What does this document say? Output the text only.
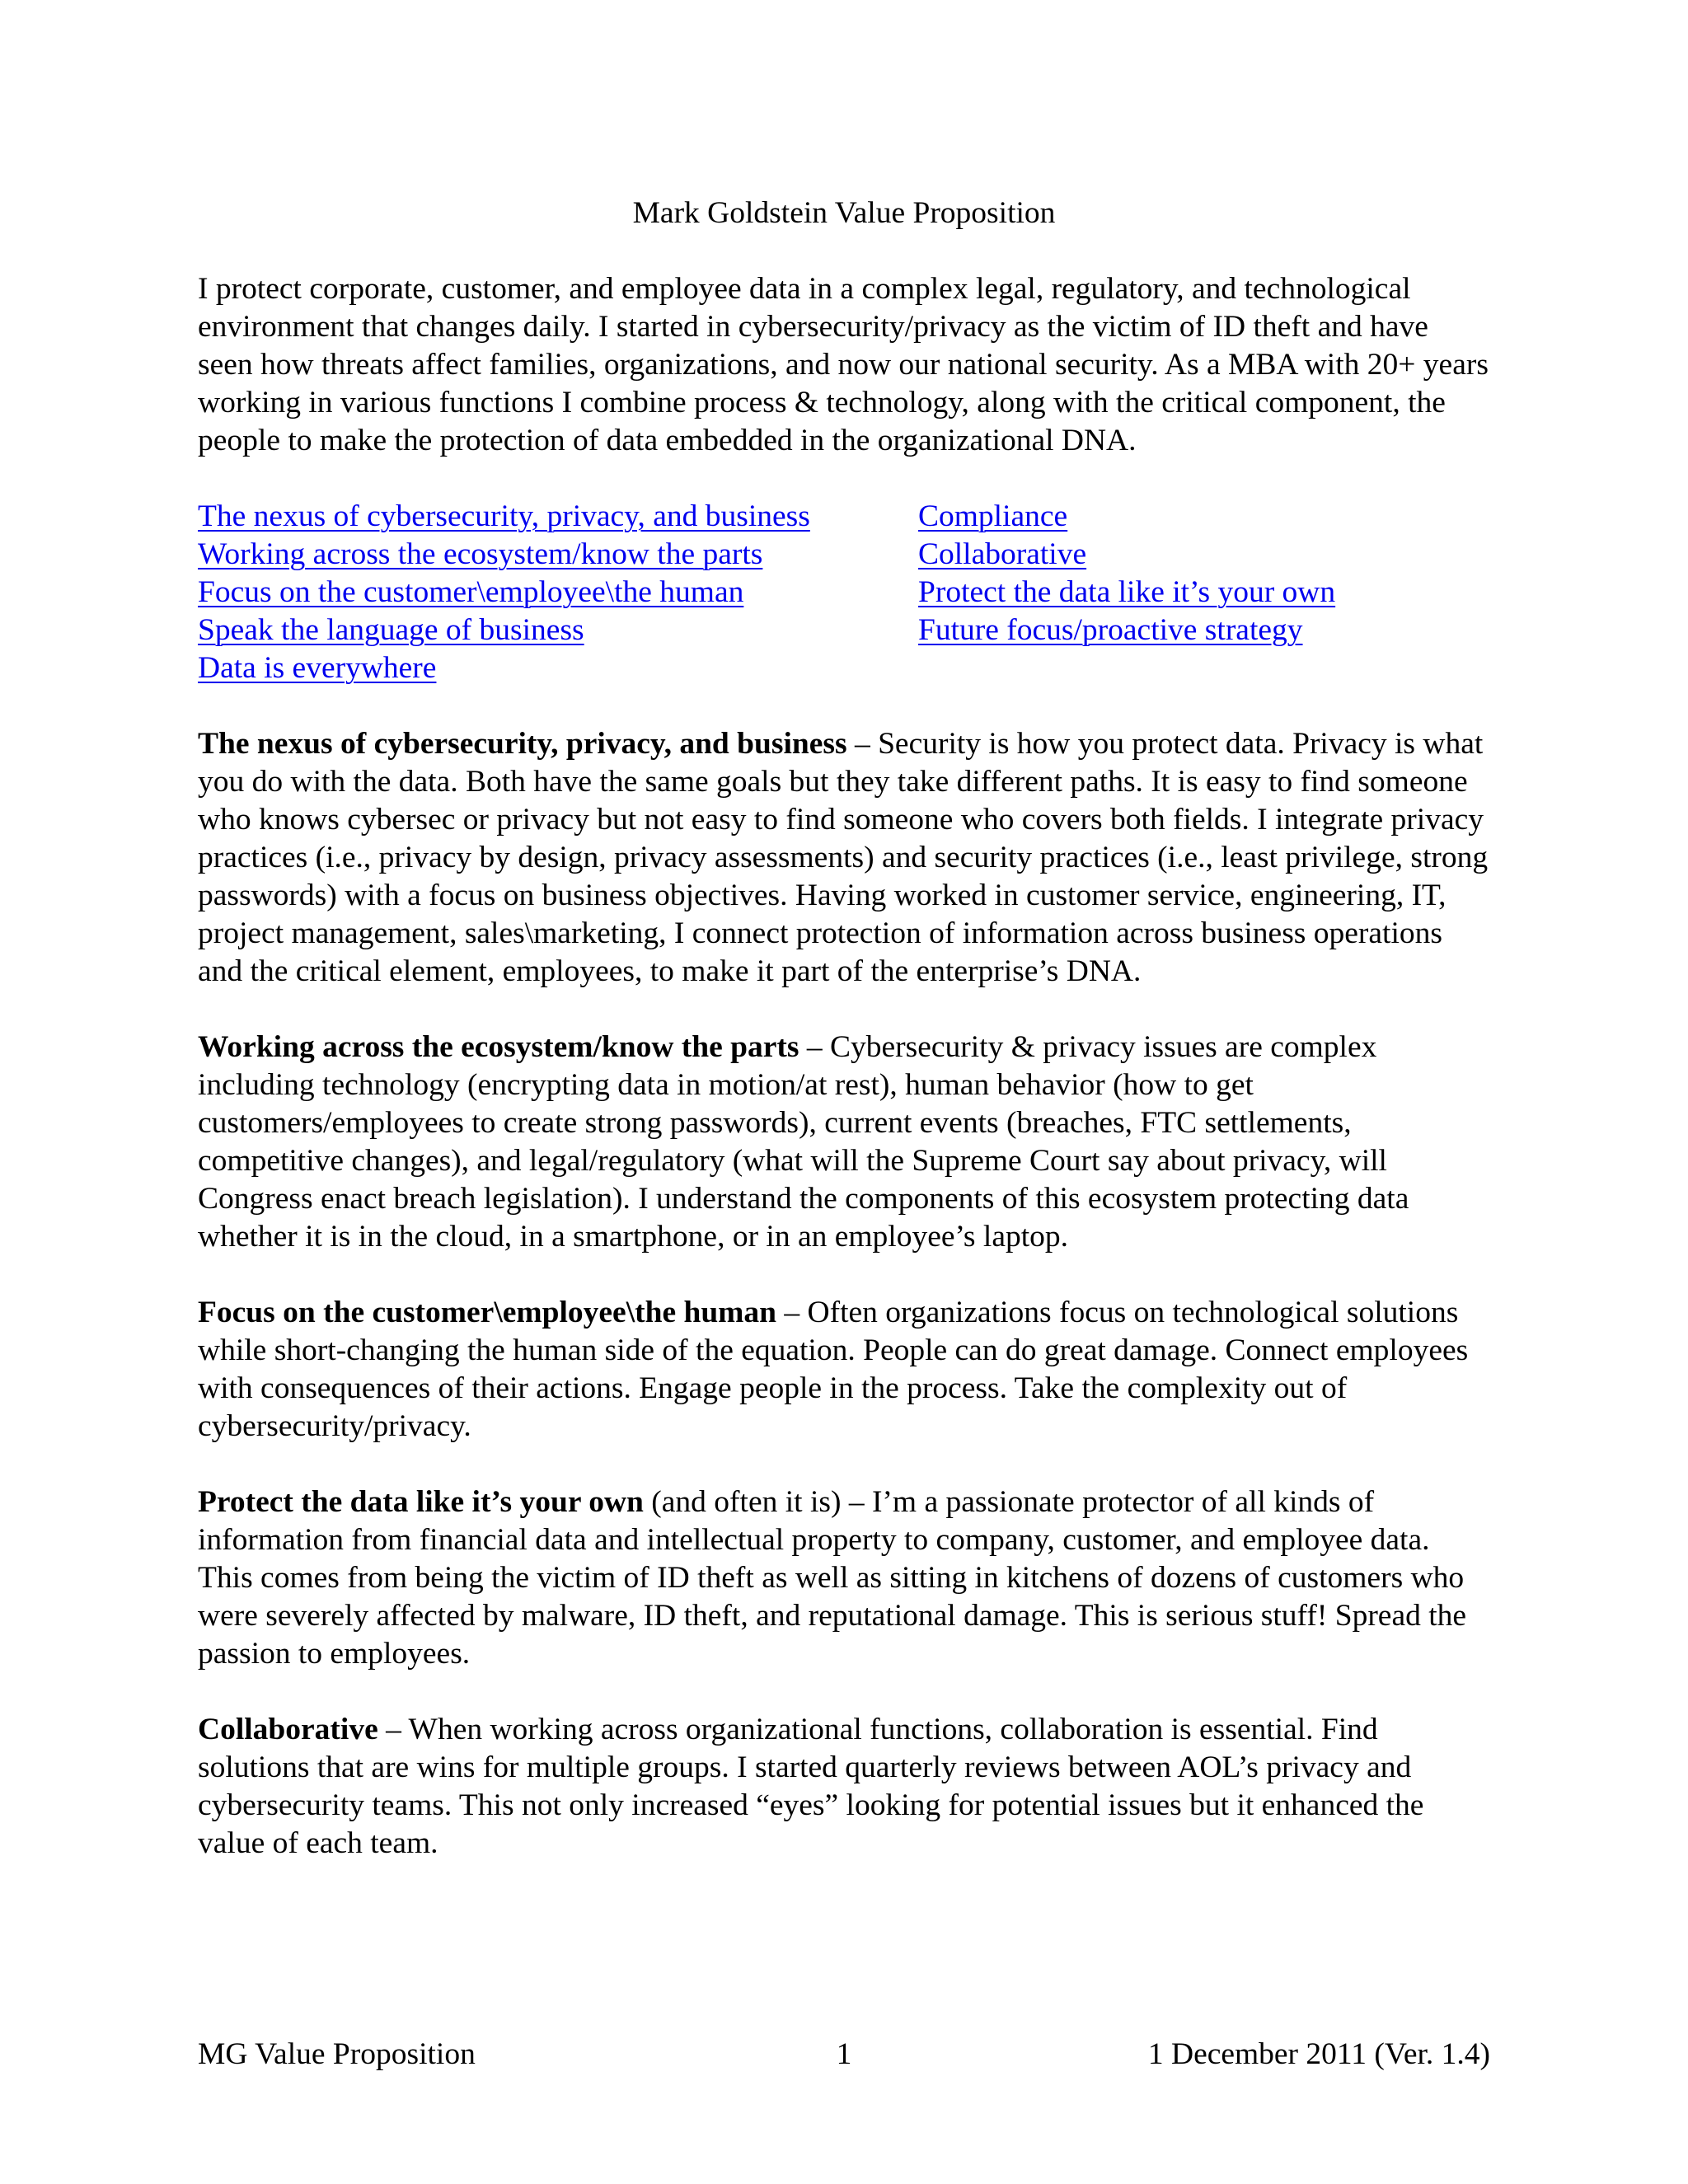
Mark Goldstein Value Proposition

I protect corporate, customer, and employee data in a complex legal, regulatory, and technological environment that changes daily. I started in cybersecurity/privacy as the victim of ID theft and have seen how threats affect families, organizations, and now our national security. As a MBA with 20+ years working in various functions I combine process & technology, along with the critical component, the people to make the protection of data embedded in the organizational DNA.

The nexus of cybersecurity, privacy, and business
Working across the ecosystem/know the parts
Focus on the customer\employee\the human
Speak the language of business
Data is everywhere
Compliance
Collaborative
Protect the data like it’s your own
Future focus/proactive strategy

The nexus of cybersecurity, privacy, and business – Security is how you protect data. Privacy is what you do with the data. Both have the same goals but they take different paths. It is easy to find someone who knows cybersec or privacy but not easy to find someone who covers both fields. I integrate privacy practices (i.e., privacy by design, privacy assessments) and security practices (i.e., least privilege, strong passwords) with a focus on business objectives. Having worked in customer service, engineering, IT, project management, sales\marketing, I connect protection of information across business operations and the critical element, employees, to make it part of the enterprise’s DNA.

Working across the ecosystem/know the parts – Cybersecurity & privacy issues are complex including technology (encrypting data in motion/at rest), human behavior (how to get customers/employees to create strong passwords), current events (breaches, FTC settlements, competitive changes), and legal/regulatory (what will the Supreme Court say about privacy, will Congress enact breach legislation). I understand the components of this ecosystem protecting data whether it is in the cloud, in a smartphone, or in an employee’s laptop.

Focus on the customer\employee\the human – Often organizations focus on technological solutions while short-changing the human side of the equation. People can do great damage. Connect employees with consequences of their actions. Engage people in the process. Take the complexity out of cybersecurity/privacy.

Protect the data like it’s your own (and often it is) – I’m a passionate protector of all kinds of information from financial data and intellectual property to company, customer, and employee data. This comes from being the victim of ID theft as well as sitting in kitchens of dozens of customers who were severely affected by malware, ID theft, and reputational damage. This is serious stuff! Spread the passion to employees.

Collaborative – When working across organizational functions, collaboration is essential. Find solutions that are wins for multiple groups. I started quarterly reviews between AOL’s privacy and cybersecurity teams. This not only increased “eyes” looking for potential issues but it enhanced the value of each team.

MG Value Proposition	1	1 December 2011 (Ver. 1.4)
